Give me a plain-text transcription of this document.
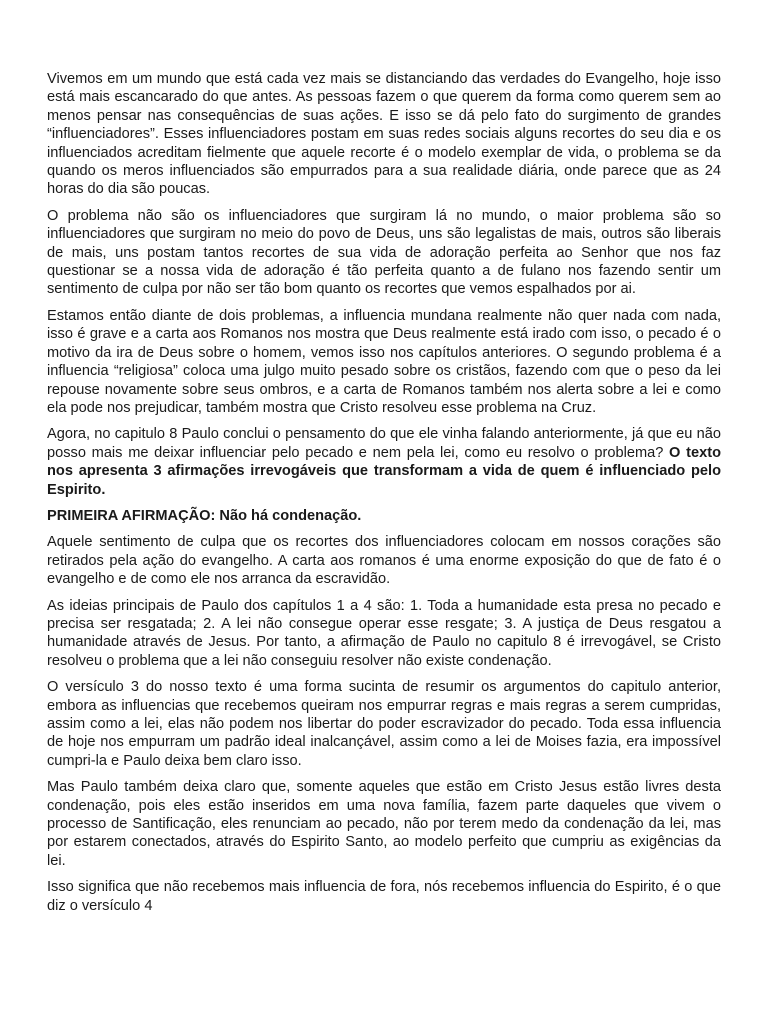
Vivemos em um mundo que está cada vez mais se distanciando das verdades do Evangelho, hoje isso está mais escancarado do que antes. As pessoas fazem o que querem da forma como querem sem ao menos pensar nas consequências de suas ações. E isso se dá pelo fato do surgimento de grandes “influenciadores”. Esses influenciadores postam em suas redes sociais alguns recortes do seu dia e os influenciados acreditam fielmente que aquele recorte é o modelo exemplar de vida, o problema se da quando os meros influenciados são empurrados para a sua realidade diária, onde parece que as 24 horas do dia são poucas.

O problema não são os influenciadores que surgiram lá no mundo, o maior problema são so influenciadores que surgiram no meio do povo de Deus, uns são legalistas de mais, outros são liberais de mais, uns postam tantos recortes de sua vida de adoração perfeita ao Senhor que nos faz questionar se a nossa vida de adoração é tão perfeita quanto a de fulano nos fazendo sentir um sentimento de culpa por não ser tão bom quanto os recortes que vemos espalhados por ai.

Estamos então diante de dois problemas, a influencia mundana realmente não quer nada com nada, isso é grave e a carta aos Romanos nos mostra que Deus realmente está irado com isso, o pecado é o motivo da ira de Deus sobre o homem, vemos isso nos capítulos anteriores. O segundo problema é a influencia “religiosa” coloca uma julgo muito pesado sobre os cristãos, fazendo com que o peso da lei repouse novamente sobre seus ombros, e a carta de Romanos também nos alerta sobre a lei e como ela pode nos prejudicar, também mostra que Cristo resolveu esse problema na Cruz.

Agora, no capitulo 8 Paulo conclui o pensamento do que ele vinha falando anteriormente, já que eu não posso mais me deixar influenciar pelo pecado e nem pela lei, como eu resolvo o problema? O texto nos apresenta 3 afirmações irrevogáveis que transformam a vida de quem é influenciado pelo Espirito.

PRIMEIRA AFIRMAÇÃO: Não há condenação.

Aquele sentimento de culpa que os recortes dos influenciadores colocam em nossos corações são retirados pela ação do evangelho. A carta aos romanos é uma enorme exposição do que de fato é o evangelho e de como ele nos arranca da escravidão.

As ideias principais de Paulo dos capítulos 1 a 4 são: 1. Toda a humanidade esta presa no pecado e precisa ser resgatada; 2. A lei não consegue operar esse resgate; 3. A justiça de Deus resgatou a humanidade através de Jesus. Por tanto, a afirmação de Paulo no capitulo 8 é irrevogável, se Cristo resolveu o problema que a lei não conseguiu resolver não existe condenação.

O versículo 3 do nosso texto é uma forma sucinta de resumir os argumentos do capitulo anterior, embora as influencias que recebemos queiram nos empurrar regras e mais regras a serem cumpridas, assim como a lei, elas não podem nos libertar do poder escravizador do pecado. Toda essa influencia de hoje nos empurram um padrão ideal inalcançável, assim como a lei de Moises fazia, era impossível cumpri-la e Paulo deixa bem claro isso.

Mas Paulo também deixa claro que, somente aqueles que estão em Cristo Jesus estão livres desta condenação, pois eles estão inseridos em uma nova família, fazem parte daqueles que vivem o processo de Santificação, eles renunciam ao pecado, não por terem medo da condenação da lei, mas por estarem conectados, através do Espirito Santo, ao modelo perfeito que cumpriu as exigências da lei.

Isso significa que não recebemos mais influencia de fora, nós recebemos influencia do Espirito, é o que diz o versículo 4
